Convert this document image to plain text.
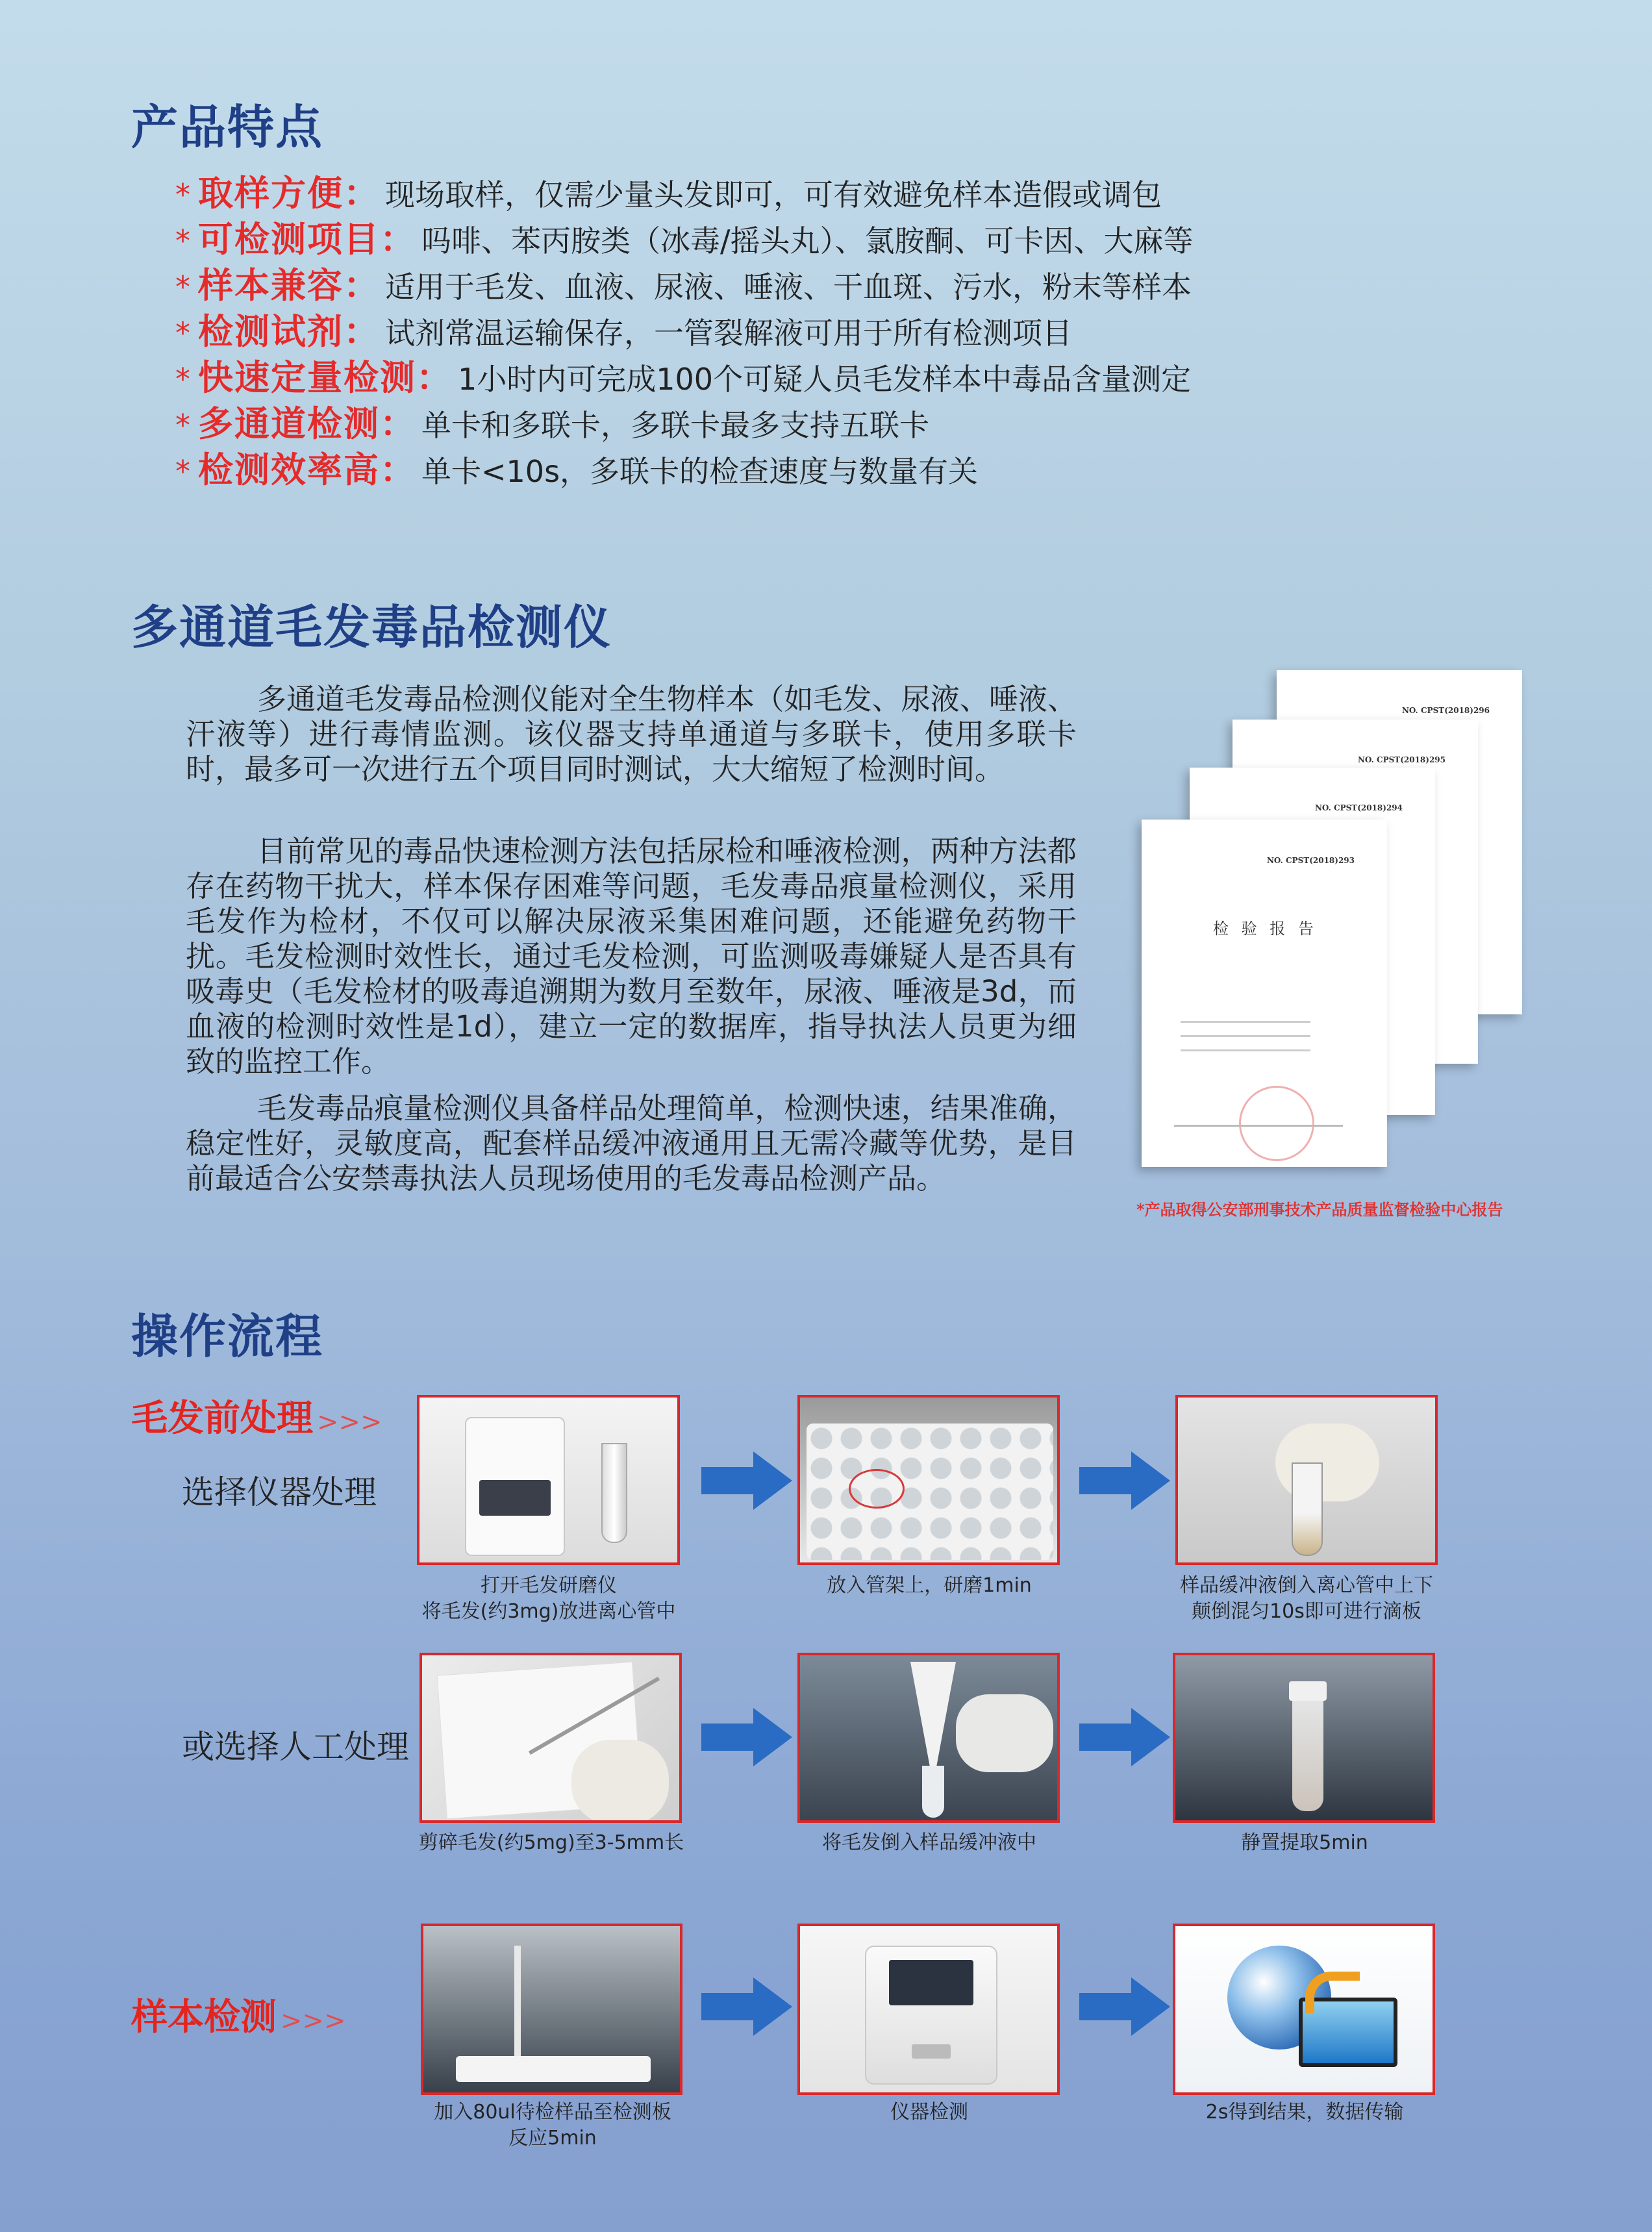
产品特点
* 取样方便： 现场取样，仅需少量头发即可，可有效避免样本造假或调包
* 可检测项目： 吗啡、苯丙胺类（冰毒/摇头丸）、氯胺酮、可卡因、大麻等
* 样本兼容： 适用于毛发、血液、尿液、唾液、干血斑、污水，粉末等样本
* 检测试剂： 试剂常温运输保存，一管裂解液可用于所有检测项目
* 快速定量检测： 1小时内可完成100个可疑人员毛发样本中毒品含量测定
* 多通道检测： 单卡和多联卡，多联卡最多支持五联卡
* 检测效率高： 单卡<10s，多联卡的检查速度与数量有关
多通道毛发毒品检测仪
多通道毛发毒品检测仪能对全生物样本（如毛发、尿液、唾液、汗液等）进行毒情监测。该仪器支持单通道与多联卡，使用多联卡时，最多可一次进行五个项目同时测试，大大缩短了检测时间。
目前常见的毒品快速检测方法包括尿检和唾液检测，两种方法都存在药物干扰大，样本保存困难等问题，毛发毒品痕量检测仪，采用毛发作为检材，不仅可以解决尿液采集困难问题，还能避免药物干扰。毛发检测时效性长，通过毛发检测，可监测吸毒嫌疑人是否具有吸毒史（毛发检材的吸毒追溯期为数月至数年，尿液、唾液是3d，而血液的检测时效性是1d），建立一定的数据库，指导执法人员更为细致的监控工作。
毛发毒品痕量检测仪具备样品处理简单，检测快速，结果准确，稳定性好，灵敏度高，配套样品缓冲液通用且无需冷藏等优势，是目前最适合公安禁毒执法人员现场使用的毛发毒品检测产品。
NO. CPST(2018)296
NO. CPST(2018)295
NO. CPST(2018)294
NO. CPST(2018)293
检 验 报 告
*产品取得公安部刑事技术产品质量监督检验中心报告
操作流程
毛发前处理 >>>
选择仪器处理
或选择人工处理
样本检测 >>>
打开毛发研磨仪
将毛发(约3mg)放进离心管中
放入管架上，研磨1min	样品缓冲液倒入离心管中上下
颠倒混匀10s即可进行滴板
剪碎毛发(约5mg)至3-5mm长	将毛发倒入样品缓冲液中	静置提取5min
加入80ul待检样品至检测板
反应5min
仪器检测	2s得到结果，数据传输
